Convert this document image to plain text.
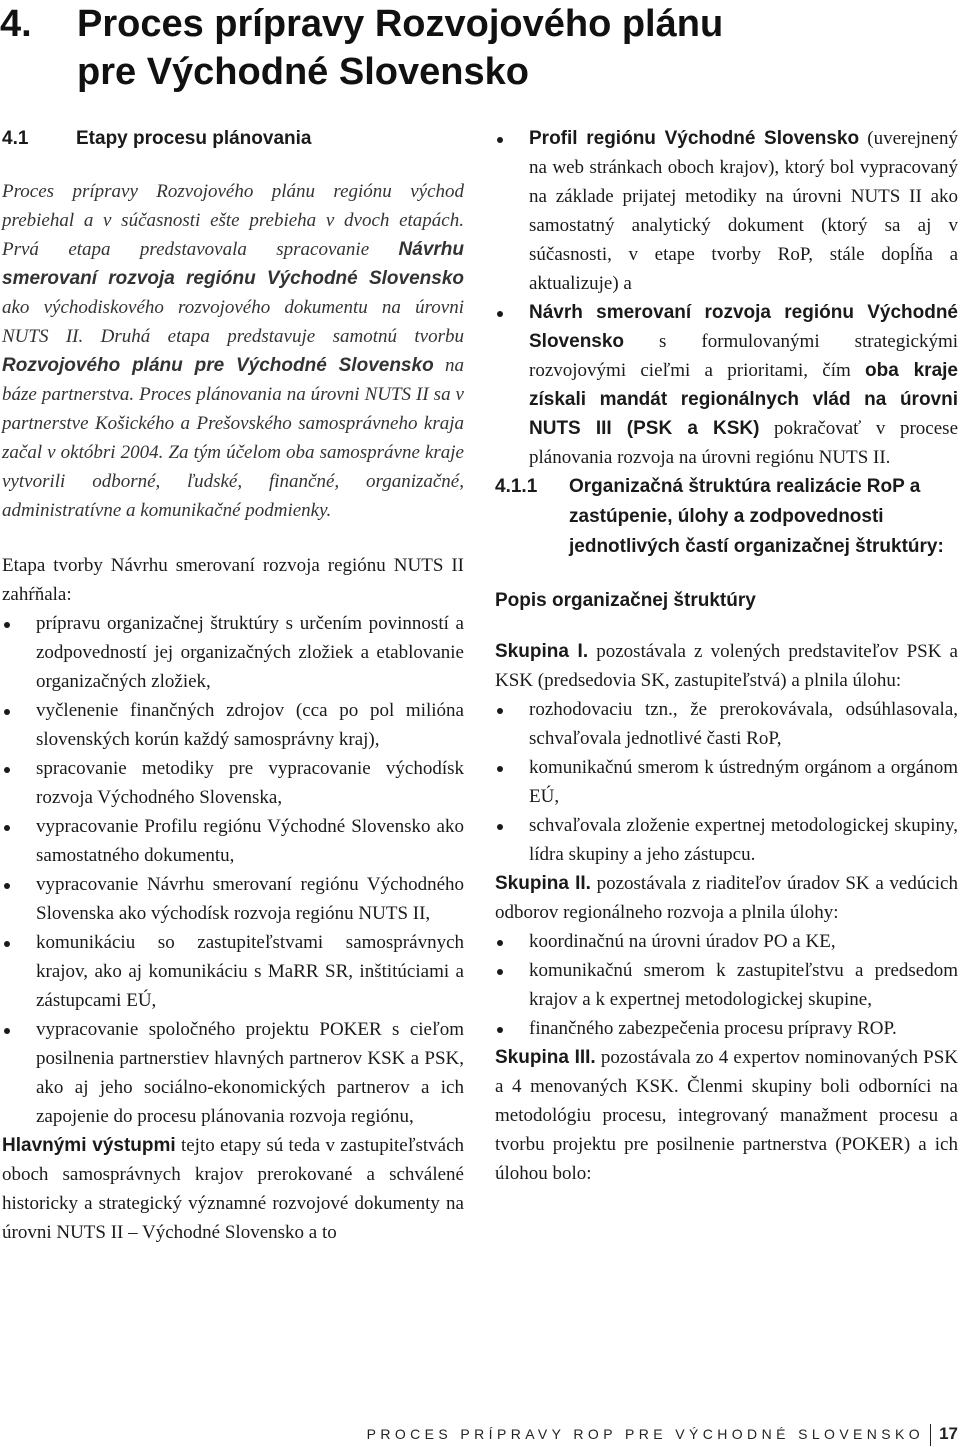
4. Proces prípravy Rozvojového plánu
pre Východné Slovensko
4.1	Etapy procesu plánovania

Proces prípravy Rozvojového plánu regiónu východ prebiehal a v súčasnosti ešte prebieha v dvoch etapách. Prvá etapa predstavovala spracovanie Návrhu smerovaní rozvoja regiónu Východné Slovensko ako východiskového rozvojového dokumentu na úrovni NUTS II. Druhá etapa predstavuje samotnú tvorbu Rozvojového plánu pre Východné Slovensko na báze partnerstva. Proces plánovania na úrovni NUTS II sa v partnerstve Košického a Prešovského samosprávneho kraja začal v októbri 2004. Za tým účelom oba samosprávne kraje vytvorili odborné, ľudské, finančné, organizačné, administratívne a komunikačné podmienky.

Etapa tvorby Návrhu smerovaní rozvoja regiónu NUTS II zahŕňala:

prípravu organizačnej štruktúry s určením povinností a zodpovedností jej organizačných zložiek a etablovanie organizačných zložiek,
vyčlenenie finančných zdrojov (cca po pol milióna slovenských korún každý samosprávny kraj),
spracovanie metodiky pre vypracovanie východísk rozvoja Východného Slovenska,
vypracovanie Profilu regiónu Východné Slovensko ako samostatného dokumentu,
vypracovanie Návrhu smerovaní regiónu Východného Slovenska ako východísk rozvoja regiónu NUTS II,
komunikáciu so zastupiteľstvami samosprávnych krajov, ako aj komunikáciu s MaRR SR, inštitúciami a zástupcami EÚ,
vypracovanie spoločného projektu POKER s cieľom posilnenia partnerstiev hlavných partnerov KSK a PSK, ako aj jeho sociálno-ekonomických partnerov a ich zapojenie do procesu plánovania rozvoja regiónu,

Hlavnými výstupmi tejto etapy sú teda v zastupiteľstvách oboch samosprávnych krajov prerokované a schválené historicky a strategický významné rozvojové dokumenty na úrovni NUTS II – Východné Slovensko a to

Profil regiónu Východné Slovensko (uverejnený na web stránkach oboch krajov), ktorý bol vypracovaný na základe prijatej metodiky na úrovni NUTS II ako samostatný analytický dokument (ktorý sa aj v súčasnosti, v etape tvorby RoP, stále dopĺňa a aktualizuje) a
Návrh smerovaní rozvoja regiónu Východné Slovensko s formulovanými strategickými rozvojovými cieľmi a prioritami, čím oba kraje získali mandát regionálnych vlád na úrovni NUTS III (PSK a KSK) pokračovať v procese plánovania rozvoja na úrovni regiónu NUTS II.
4.1.1 Organizačná štruktúra realizácie RoP a zastúpenie, úlohy a zodpovednosti jednotlivých častí organizačnej štruktúry:
Popis organizačnej štruktúry

Skupina I. pozostávala z volených predstaviteľov PSK a KSK (predsedovia SK, zastupiteľstvá) a plnila úlohu:

rozhodovaciu tzn., že prerokovávala, odsúhlasovala, schvaľovala jednotlivé časti RoP,
komunikačnú smerom k ústredným orgánom a orgánom EÚ,
schvaľovala zloženie expertnej metodologickej skupiny, lídra skupiny a jeho zástupcu.

Skupina II. pozostávala z riaditeľov úradov SK a vedúcich odborov regionálneho rozvoja a plnila úlohy:

koordinačnú na úrovni úradov PO a KE,
komunikačnú smerom k zastupiteľstvu a predsedom krajov a k expertnej metodologickej skupine,
finančného zabezpečenia procesu prípravy ROP.

Skupina III. pozostávala zo 4 expertov nominovaných PSK a 4 menovaných KSK. Členmi skupiny boli odborníci na metodológiu procesu, integrovaný manažment procesu a tvorbu projektu pre posilnenie partnerstva (POKER) a ich úlohou bolo:

PROCES PRÍPRAVY ROP PRE VÝCHODNÉ SLOVENSKO 17
